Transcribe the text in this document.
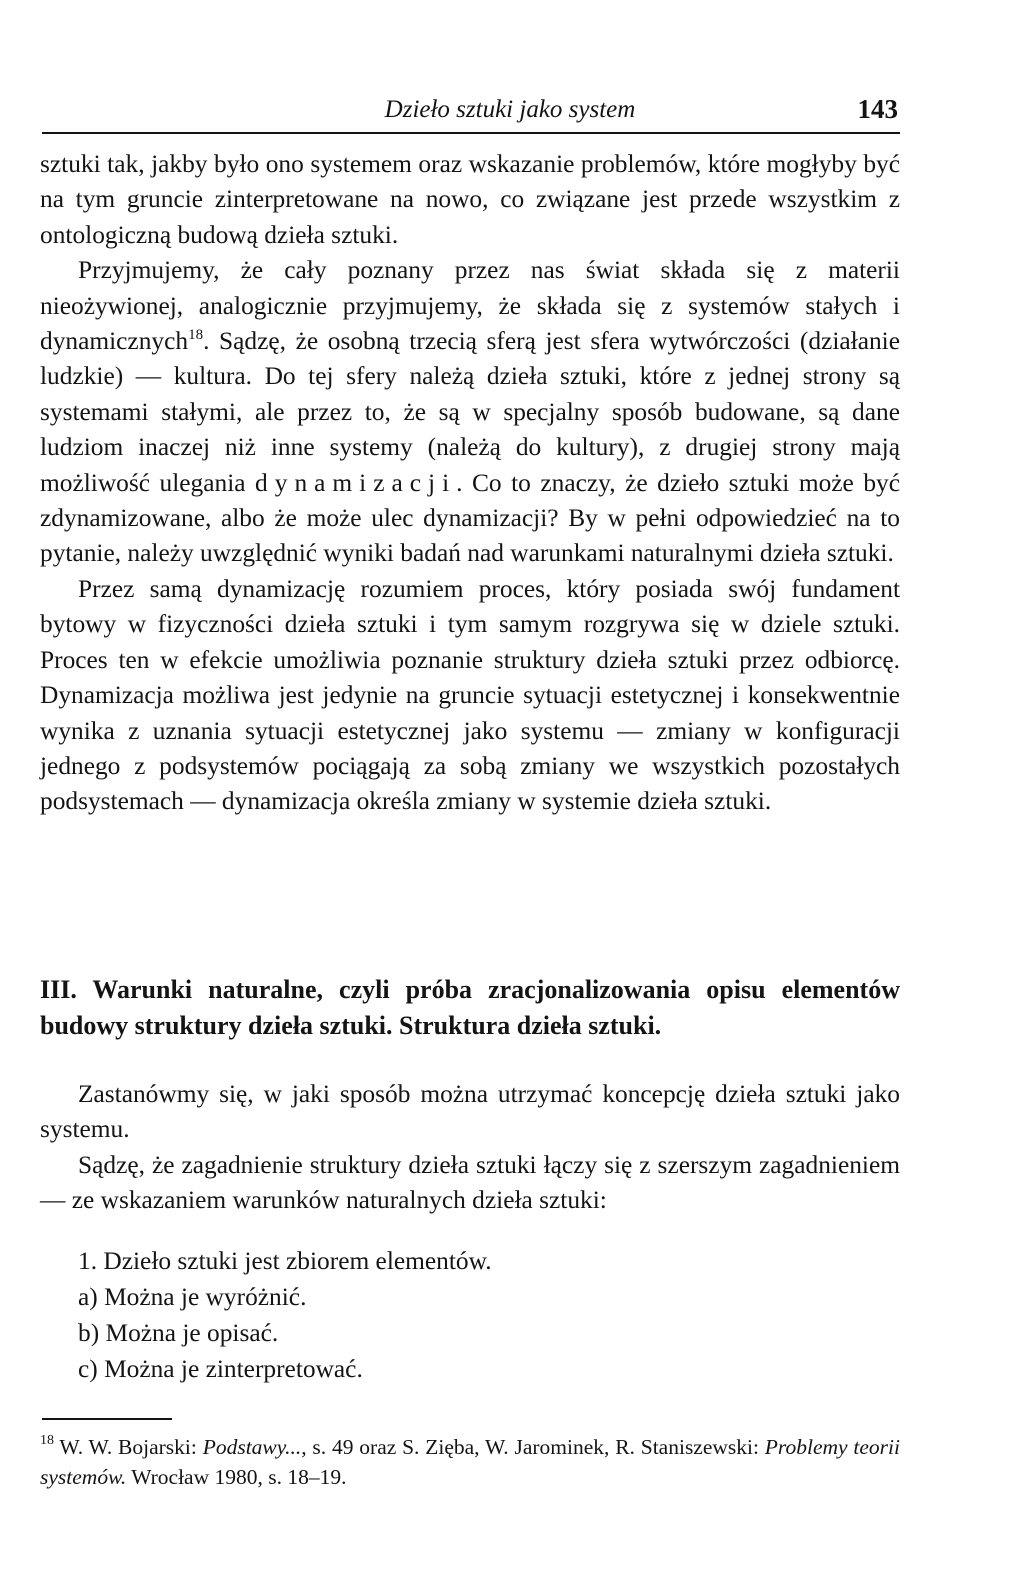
Dzieło sztuki jako system	143

sztuki tak, jakby było ono systemem oraz wskazanie problemów, które mogłyby być na tym gruncie zinterpretowane na nowo, co związane jest przede wszystkim z ontologiczną budową dzieła sztuki.

Przyjmujemy, że cały poznany przez nas świat składa się z materii nieożywionej, analogicznie przyjmujemy, że składa się z systemów stałych i dynamicznych$^{18}$. Sądzę, że osobną trzecią sferą jest sfera wytwórczości (działanie ludzkie) — kultura. Do tej sfery należą dzieła sztuki, które z jednej strony są systemami stałymi, ale przez to, że są w specjalny sposób budowane, są dane ludziom inaczej niż inne systemy (należą do kultury), z drugiej strony mają możliwość ulegania dynamizacji. Co to znaczy, że dzieło sztuki może być zdynamizowane, albo że może ulec dynamizacji? By w pełni odpowiedzieć na to pytanie, należy uwzględnić wyniki badań nad warunkami naturalnymi dzieła sztuki.

Przez samą dynamizację rozumiem proces, który posiada swój fundament bytowy w fizyczności dzieła sztuki i tym samym rozgrywa się w dziele sztuki. Proces ten w efekcie umożliwia poznanie struktury dzieła sztuki przez odbiorcę. Dynamizacja możliwa jest jedynie na gruncie sytuacji estetycznej i konsekwentnie wynika z uznania sytuacji estetycznej jako systemu — zmiany w konfiguracji jednego z podsystemów pociągają za sobą zmiany we wszystkich pozostałych podsystemach — dynamizacja określa zmiany w systemie dzieła sztuki.

III. Warunki naturalne, czyli próba zracjonalizowania opisu elementów budowy struktury dzieła sztuki. Struktura dzieła sztuki.

Zastanówmy się, w jaki sposób można utrzymać koncepcję dzieła sztuki jako systemu.

Sądzę, że zagadnienie struktury dzieła sztuki łączy się z szerszym zagadnieniem — ze wskazaniem warunków naturalnych dzieła sztuki:

1. Dzieło sztuki jest zbiorem elementów.
a) Można je wyróżnić.
b) Można je opisać.
c) Można je zinterpretować.
$^{18}$ W. W. Bojarski: Podstawy..., s. 49 oraz S. Zięba, W. Jarominek, R. Staniszewski: Problemy teorii systemów. Wrocław 1980, s. 18–19.
